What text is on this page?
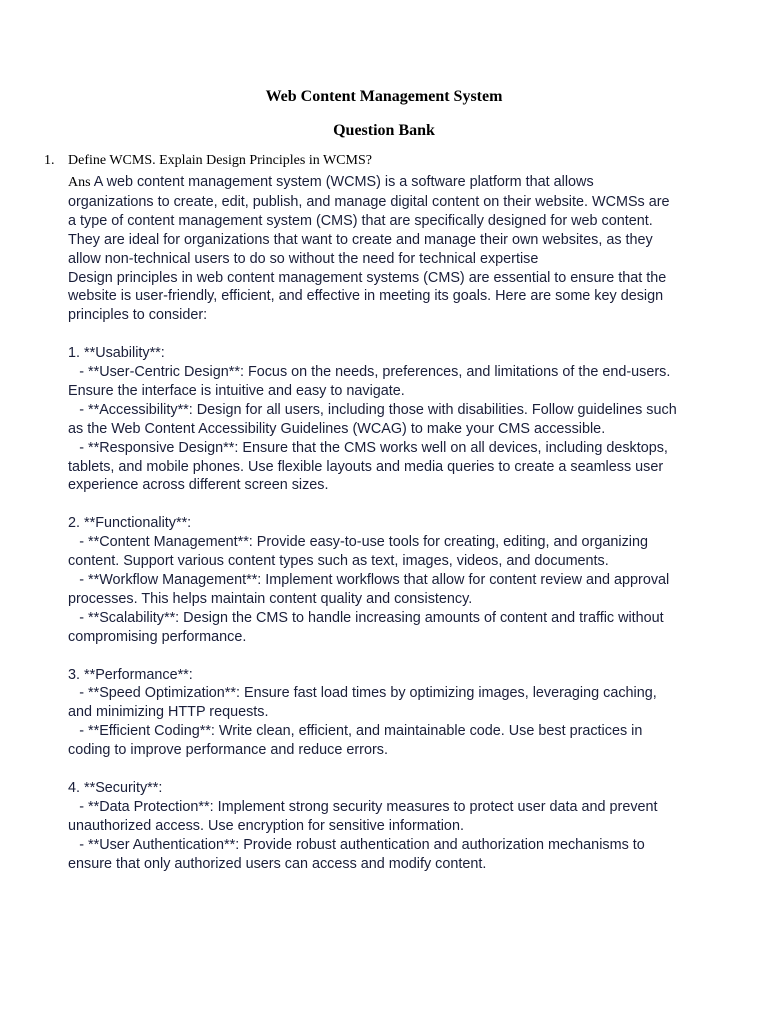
Web Content Management System
Question Bank
1. Define WCMS. Explain Design Principles in WCMS?

Ans A web content management system (WCMS) is a software platform that allows organizations to create, edit, publish, and manage digital content on their website. WCMSs are a type of content management system (CMS) that are specifically designed for web content. They are ideal for organizations that want to create and manage their own websites, as they allow non-technical users to do so without the need for technical expertise

Design principles in web content management systems (CMS) are essential to ensure that the website is user-friendly, efficient, and effective in meeting its goals. Here are some key design principles to consider:

1. **Usability**:

- **User-Centric Design**: Focus on the needs, preferences, and limitations of the end-users. Ensure the interface is intuitive and easy to navigate.

- **Accessibility**: Design for all users, including those with disabilities. Follow guidelines such as the Web Content Accessibility Guidelines (WCAG) to make your CMS accessible.

- **Responsive Design**: Ensure that the CMS works well on all devices, including desktops, tablets, and mobile phones. Use flexible layouts and media queries to create a seamless user experience across different screen sizes.

2. **Functionality**:

- **Content Management**: Provide easy-to-use tools for creating, editing, and organizing content. Support various content types such as text, images, videos, and documents.

- **Workflow Management**: Implement workflows that allow for content review and approval processes. This helps maintain content quality and consistency.

- **Scalability**: Design the CMS to handle increasing amounts of content and traffic without compromising performance.

3. **Performance**:

- **Speed Optimization**: Ensure fast load times by optimizing images, leveraging caching, and minimizing HTTP requests.

- **Efficient Coding**: Write clean, efficient, and maintainable code. Use best practices in coding to improve performance and reduce errors.

4. **Security**:

- **Data Protection**: Implement strong security measures to protect user data and prevent unauthorized access. Use encryption for sensitive information.

- **User Authentication**: Provide robust authentication and authorization mechanisms to ensure that only authorized users can access and modify content.
